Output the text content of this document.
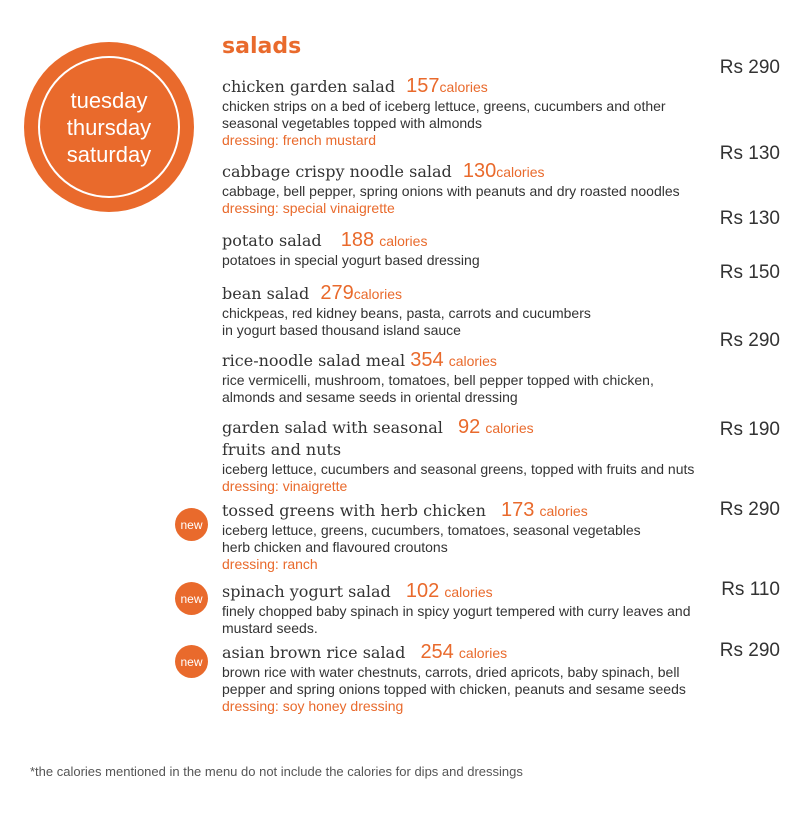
tuesday
thursday
saturday
salads
chicken garden salad 157calories
chicken strips on a bed of iceberg lettuce, greens, cucumbers and other
seasonal vegetables topped with almonds
dressing: french mustard
Rs 290
cabbage crispy noodle salad 130calories
cabbage, bell pepper, spring onions with peanuts and dry roasted noodles
dressing: special vinaigrette
Rs 130
potato salad 188 calories
potatoes in special yogurt based dressing
Rs 130
bean salad 279calories
chickpeas, red kidney beans, pasta, carrots and cucumbers
in yogurt based thousand island sauce
Rs 150
rice-noodle salad meal 354 calories
rice vermicelli, mushroom, tomatoes, bell pepper topped with chicken,
almonds and sesame seeds in oriental dressing
Rs 290
garden salad with seasonal 92 calories
fruits and nuts
iceberg lettuce, cucumbers and seasonal greens, topped with fruits and nuts
dressing: vinaigrette
Rs 190
new
tossed greens with herb chicken 173 calories
iceberg lettuce, greens, cucumbers, tomatoes, seasonal vegetables
herb chicken and flavoured croutons
dressing: ranch
Rs 290
new	spinach yogurt salad 102 calories
finely chopped baby spinach in spicy yogurt tempered with curry leaves and
mustard seeds.
Rs 110
new	asian brown rice salad 254 calories
brown rice with water chestnuts, carrots, dried apricots, baby spinach, bell
pepper and spring onions topped with chicken, peanuts and sesame seeds
dressing: soy honey dressing
Rs 290
*the calories mentioned in the menu do not include the calories for dips and dressings
